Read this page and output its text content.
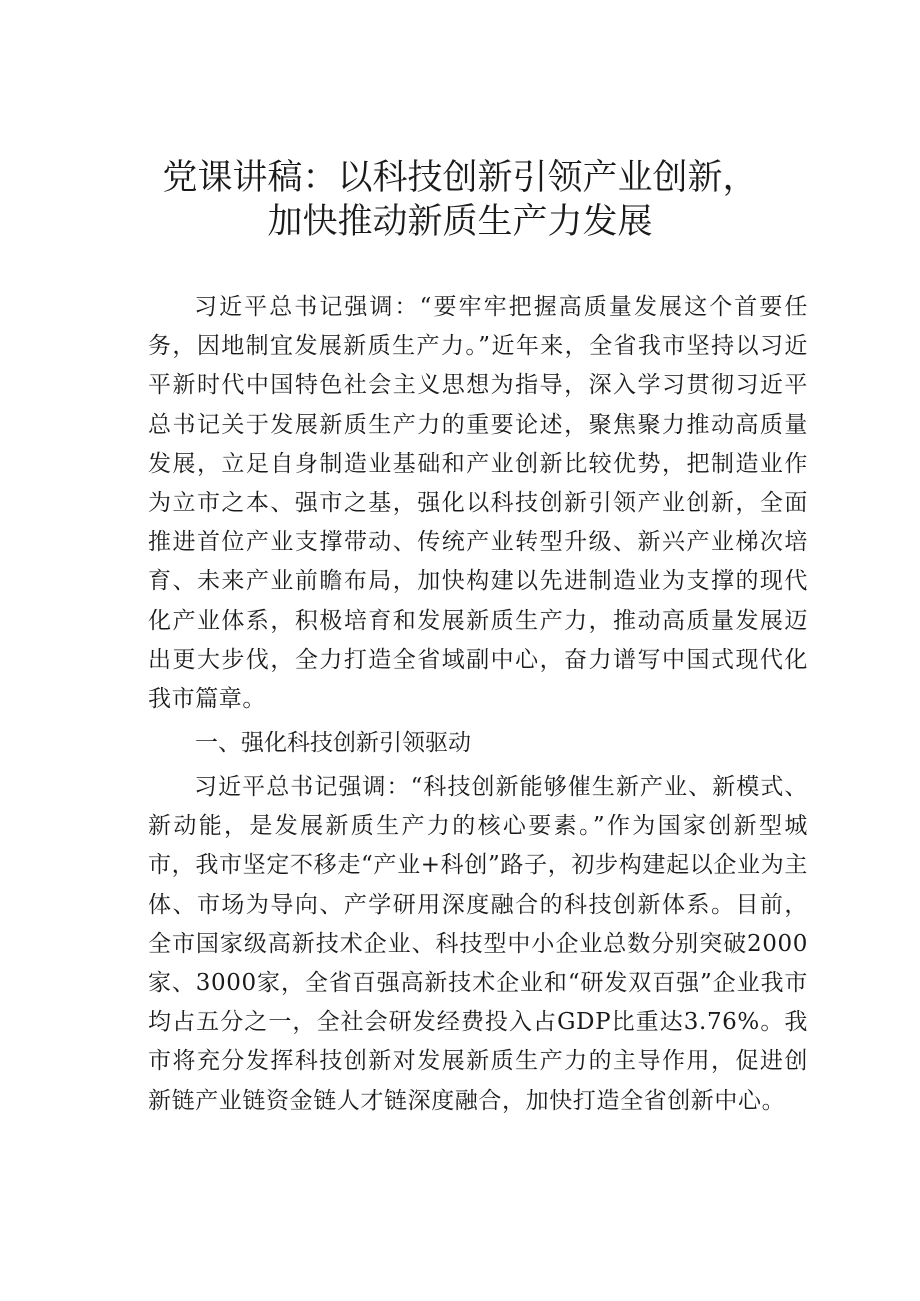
党课讲稿：以科技创新引领产业创新，
加快推动新质生产力发展

习近平总书记强调：“要牢牢把握高质量发展这个首要任务，因地制宜发展新质生产力。”近年来，全省我市坚持以习近平新时代中国特色社会主义思想为指导，深入学习贯彻习近平总书记关于发展新质生产力的重要论述，聚焦聚力推动高质量发展，立足自身制造业基础和产业创新比较优势，把制造业作为立市之本、强市之基，强化以科技创新引领产业创新，全面推进首位产业支撑带动、传统产业转型升级、新兴产业梯次培育、未来产业前瞻布局，加快构建以先进制造业为支撑的现代化产业体系，积极培育和发展新质生产力，推动高质量发展迈出更大步伐，全力打造全省域副中心，奋力谱写中国式现代化我市篇章。

一、强化科技创新引领驱动

习近平总书记强调：“科技创新能够催生新产业、新模式、新动能，是发展新质生产力的核心要素。”作为国家创新型城市，我市坚定不移走“产业+科创”路子，初步构建起以企业为主体、市场为导向、产学研用深度融合的科技创新体系。目前，全市国家级高新技术企业、科技型中小企业总数分别突破2000家、3000家，全省百强高新技术企业和“研发双百强”企业我市均占五分之一，全社会研发经费投入占GDP比重达3.76%。我市将充分发挥科技创新对发展新质生产力的主导作用，促进创新链产业链资金链人才链深度融合，加快打造全省创新中心。
